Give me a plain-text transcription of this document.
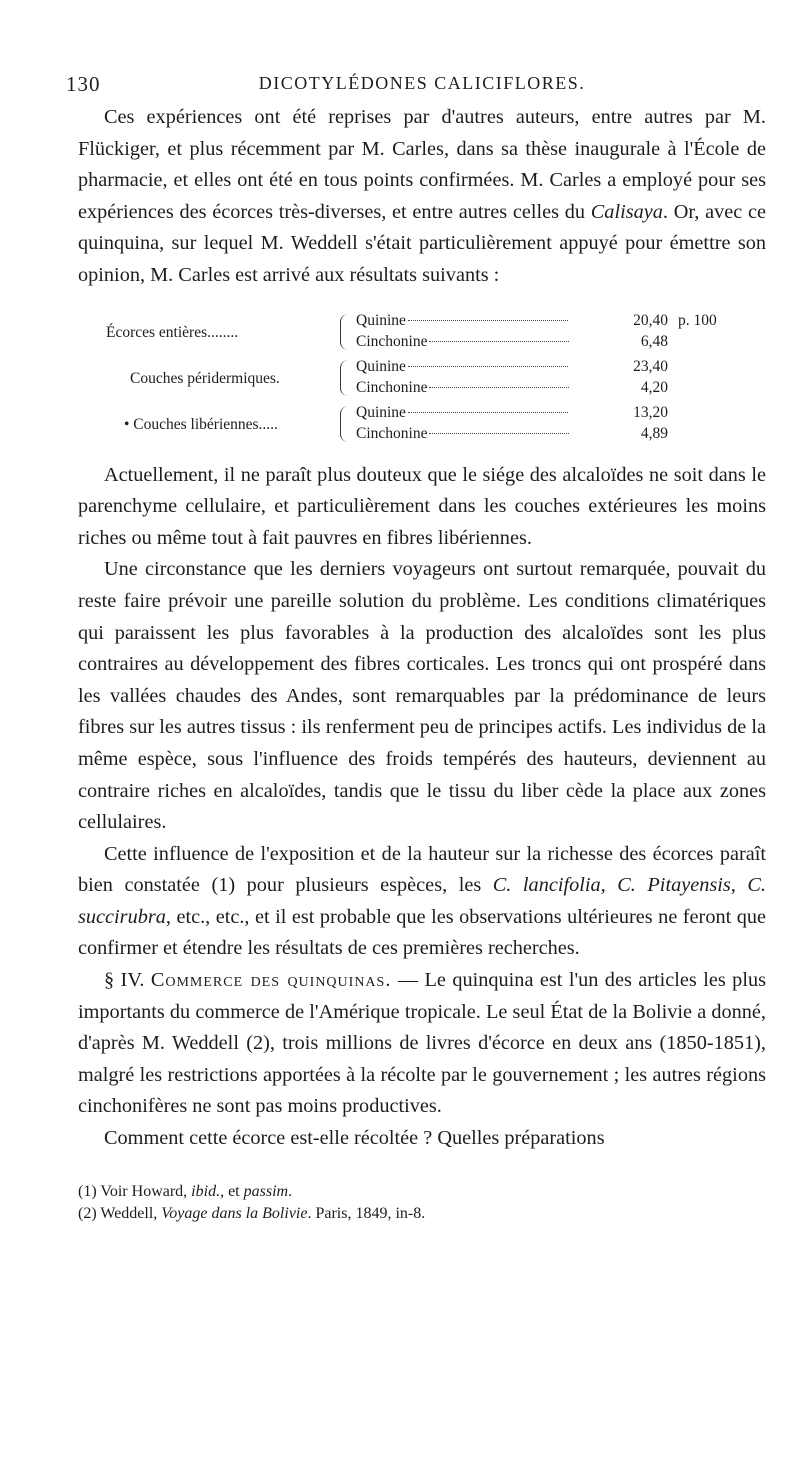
130	DICOTYLÉDONES CALICIFLORES.

Ces expériences ont été reprises par d'autres auteurs, entre autres par M. Flückiger, et plus récemment par M. Carles, dans sa thèse inaugurale à l'École de pharmacie, et elles ont été en tous points confirmées. M. Carles a employé pour ses expériences des écorces très-diverses, et entre autres celles du Calisaya. Or, avec ce quinquina, sur lequel M. Weddell s'était particulièrement appuyé pour émettre son opinion, M. Carles est arrivé aux résultats suivants :

Écorces entières........
Quinine	20,40 p. 100
Cinchonine	6,48
Couches péridermiques.
Quinine	23,40
Cinchonine	4,20
• Couches libériennes.....
Quinine	13,20
Cinchonine	4,89

Actuellement, il ne paraît plus douteux que le siége des alcaloïdes ne soit dans le parenchyme cellulaire, et particulièrement dans les couches extérieures les moins riches ou même tout à fait pauvres en fibres libériennes.

Une circonstance que les derniers voyageurs ont surtout remarquée, pouvait du reste faire prévoir une pareille solution du problème. Les conditions climatériques qui paraissent les plus favorables à la production des alcaloïdes sont les plus contraires au développement des fibres corticales. Les troncs qui ont prospéré dans les vallées chaudes des Andes, sont remarquables par la prédominance de leurs fibres sur les autres tissus : ils renferment peu de principes actifs. Les individus de la même espèce, sous l'influence des froids tempérés des hauteurs, deviennent au contraire riches en alcaloïdes, tandis que le tissu du liber cède la place aux zones cellulaires.

Cette influence de l'exposition et de la hauteur sur la richesse des écorces paraît bien constatée (1) pour plusieurs espèces, les C. lancifolia, C. Pitayensis, C. succirubra, etc., etc., et il est probable que les observations ultérieures ne feront que confirmer et étendre les résultats de ces premières recherches.

§ IV. Commerce des quinquinas. — Le quinquina est l'un des articles les plus importants du commerce de l'Amérique tropicale. Le seul État de la Bolivie a donné, d'après M. Weddell (2), trois millions de livres d'écorce en deux ans (1850-1851), malgré les restrictions apportées à la récolte par le gouvernement ; les autres régions cinchonifères ne sont pas moins productives.

Comment cette écorce est-elle récoltée ? Quelles préparations

(1) Voir Howard, ibid., et passim.

(2) Weddell, Voyage dans la Bolivie. Paris, 1849, in-8.
